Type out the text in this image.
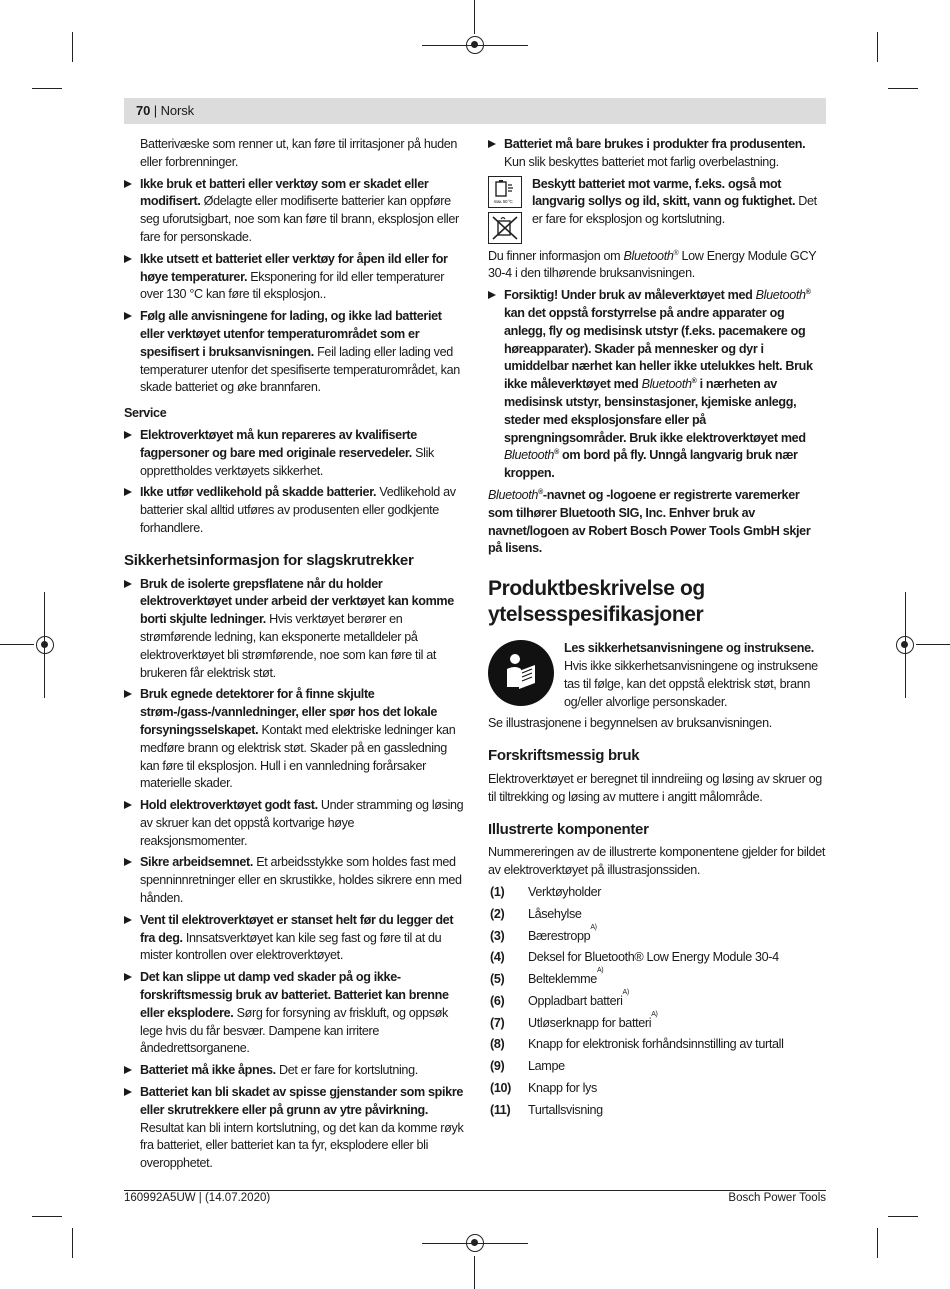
70 | Norsk

Batterivæske som renner ut, kan føre til irritasjoner på huden eller forbrenninger.

Ikke bruk et batteri eller verktøy som er skadet eller modifisert. Ødelagte eller modifiserte batterier kan oppføre seg uforutsigbart, noe som kan føre til brann, eksplosjon eller fare for personskade.
Ikke utsett et batteriet eller verktøy for åpen ild eller for høye temperaturer. Eksponering for ild eller temperaturer over 130 °C kan føre til eksplosjon..
Følg alle anvisningene for lading, og ikke lad batteriet eller verktøyet utenfor temperaturområdet som er spesifisert i bruksanvisningen. Feil lading eller lading ved temperaturer utenfor det spesifiserte temperaturområdet, kan skade batteriet og øke brannfaren.
Service
Elektroverktøyet må kun repareres av kvalifiserte fagpersoner og bare med originale reservedeler. Slik opprettholdes verktøyets sikkerhet.
Ikke utfør vedlikehold på skadde batterier. Vedlikehold av batterier skal alltid utføres av produsenten eller godkjente forhandlere.
Sikkerhetsinformasjon for slagskrutrekker
Bruk de isolerte grepsflatene når du holder elektroverktøyet under arbeid der verktøyet kan komme borti skjulte ledninger. Hvis verktøyet berører en strømførende ledning, kan eksponerte metalldeler på elektroverktøyet bli strømførende, noe som kan føre til at brukeren får elektrisk støt.
Bruk egnede detektorer for å finne skjulte strøm-/gass-/vannledninger, eller spør hos det lokale forsyningsselskapet. Kontakt med elektriske ledninger kan medføre brann og elektrisk støt. Skader på en gassledning kan føre til eksplosjon. Hull i en vannledning forårsaker materielle skader.
Hold elektroverktøyet godt fast. Under stramming og løsing av skruer kan det oppstå kortvarige høye reaksjonsmomenter.
Sikre arbeidsemnet. Et arbeidsstykke som holdes fast med spenninnretninger eller en skrustikke, holdes sikrere enn med hånden.
Vent til elektroverktøyet er stanset helt før du legger det fra deg. Innsatsverktøyet kan kile seg fast og føre til at du mister kontrollen over elektroverktøyet.
Det kan slippe ut damp ved skader på og ikke-forskriftsmessig bruk av batteriet. Batteriet kan brenne eller eksplodere. Sørg for forsyning av friskluft, og oppsøk lege hvis du får besvær. Dampene kan irritere åndedrettsorganene.
Batteriet må ikke åpnes. Det er fare for kortslutning.
Batteriet kan bli skadet av spisse gjenstander som spikre eller skrutrekkere eller på grunn av ytre påvirkning. Resultat kan bli intern kortslutning, og det kan da komme røyk fra batteriet, eller batteriet kan ta fyr, eksplodere eller bli overopphetet.
Batteriet må bare brukes i produkter fra produsenten. Kun slik beskyttes batteriet mot farlig overbelastning.
max. 50 °C
Beskytt batteriet mot varme, f.eks. også mot langvarig sollys og ild, skitt, vann og fuktighet. Det er fare for eksplosjon og kortslutning.

Du finner informasjon om Bluetooth® Low Energy Module GCY 30-4 i den tilhørende bruksanvisningen.

Forsiktig! Under bruk av måleverktøyet med Bluetooth® kan det oppstå forstyrrelse på andre apparater og anlegg, fly og medisinsk utstyr (f.eks. pacemakere og høreapparater). Skader på mennesker og dyr i umiddelbar nærhet kan heller ikke utelukkes helt. Bruk ikke måleverktøyet med Bluetooth® i nærheten av medisinsk utstyr, bensinstasjoner, kjemiske anlegg, steder med eksplosjonsfare eller på sprengningsområder. Bruk ikke elektroverktøyet med Bluetooth® om bord på fly. Unngå langvarig bruk nær kroppen.

Bluetooth®-navnet og -logoene er registrerte varemerker som tilhører Bluetooth SIG, Inc. Enhver bruk av navnet/logoen av Robert Bosch Power Tools GmbH skjer på lisens.

Produktbeskrivelse og ytelsesspesifikasjoner
Les sikkerhetsanvisningene og instruksene. Hvis ikke sikkerhetsanvisningene og instruksene tas til følge, kan det oppstå elektrisk støt, brann og/eller alvorlige personskader.

Se illustrasjonene i begynnelsen av bruksanvisningen.

Forskriftsmessig bruk

Elektroverktøyet er beregnet til inndreiing og løsing av skruer og til tiltrekking og løsing av muttere i angitt målområde.

Illustrerte komponenter

Nummereringen av de illustrerte komponentene gjelder for bildet av elektroverktøyet på illustrasjonssiden.

(1)	Verktøyholder
(2)	Låsehylse
(3)	Bærestropp
A)
(4)	Deksel for Bluetooth® Low Energy Module 30-4
(5)	Belteklemme
A)
(6)	Oppladbart batteri
A)
(7)	Utløserknapp for batteri
A)
(8)	Knapp for elektronisk forhåndsinnstilling av turtall
(9)	Lampe
(10)	Knapp for lys
(11)	Turtallsvisning
160992A5UW | (14.07.2020)	Bosch Power Tools
